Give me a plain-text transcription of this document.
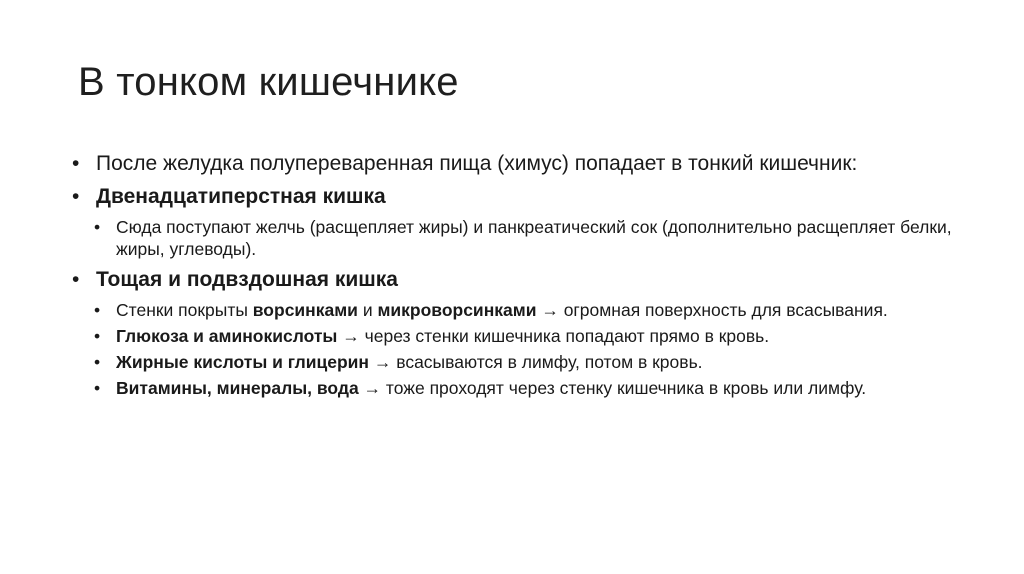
В тонком кишечнике
• После желудка полупереваренная пища (химус) попадает в тонкий кишечник:
• Двенадцатиперстная кишка
• Сюда поступают желчь (расщепляет жиры) и панкреатический сок (дополнительно расщепляет белки, жиры, углеводы).
• Тощая и подвздошная кишка
• Стенки покрыты ворсинками и микроворсинками → огромная поверхность для всасывания.
• Глюкоза и аминокислоты → через стенки кишечника попадают прямо в кровь.
• Жирные кислоты и глицерин → всасываются в лимфу, потом в кровь.
• Витамины, минералы, вода → тоже проходят через стенку кишечника в кровь или лимфу.
